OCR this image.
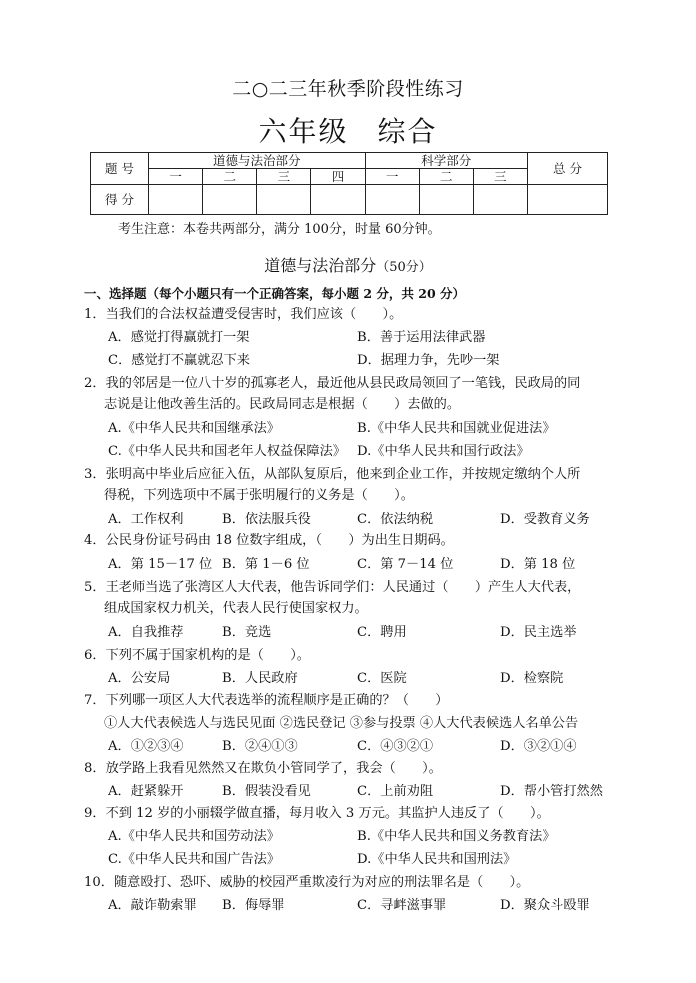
二○二三年秋季阶段性练习
六年级 综合
题 号	道德与法治部分				科学部分			总 分
	一	二	三	四	一	二	三	
得 分								
考生注意：本卷共两部分，满分 100分，时量 60分钟。
道德与法治部分（50分）
一、选择题（每个小题只有一个正确答案，每小题 2 分，共 20 分）
1．当我们的合法权益遭受侵害时，我们应该（　　）。
A．感觉打得赢就打一架	B．善于运用法律武器
C．感觉打不赢就忍下来	D．据理力争，先吵一架
2．我的邻居是一位八十岁的孤寡老人，最近他从县民政局领回了一笔钱，民政局的同
志说是让他改善生活的。民政局同志是根据（　　）去做的。
A.《中华人民共和国继承法》	B.《中华人民共和国就业促进法》
C.《中华人民共和国老年人权益保障法》 D.《中华人民共和国行政法》
3．张明高中毕业后应征入伍，从部队复原后，他来到企业工作，并按规定缴纳个人所
得税，下列选项中不属于张明履行的义务是（　　）。
A．工作权利	B．依法服兵役	C．依法纳税	D．受教育义务
4．公民身份证号码由 18 位数字组成，（　　）为出生日期码。
A．第 15－17 位 B．第 1－6 位	C．第 7－14 位	D．第 18 位
5．王老师当选了张湾区人大代表，他告诉同学们：人民通过（　　）产生人大代表，
组成国家权力机关，代表人民行使国家权力。
A．自我推荐	B．竞选	C．聘用	D．民主选举
6．下列不属于国家机构的是（　　）。
A．公安局	B．人民政府	C．医院	D．检察院
7．下列哪一项区人大代表选举的流程顺序是正确的？（　　）
①人大代表候选人与选民见面 ②选民登记 ③参与投票 ④人大代表候选人名单公告
A．①②③④	B．②④①③	C．④③②①	D．③②①④
8．放学路上我看见然然又在欺负小管同学了，我会（　　）。
A．赶紧躲开	B．假装没看见	C．上前劝阻	D．帮小管打然然
9．不到 12 岁的小丽辍学做直播，每月收入 3 万元。其监护人违反了（　　）。
A.《中华人民共和国劳动法》	B.《中华人民共和国义务教育法》
C.《中华人民共和国广告法》	D.《中华人民共和国刑法》
10．随意殴打、恐吓、威胁的校园严重欺凌行为对应的刑法罪名是（　　）。
A．敲诈勒索罪 B．侮辱罪	C．寻衅滋事罪	D．聚众斗殴罪
